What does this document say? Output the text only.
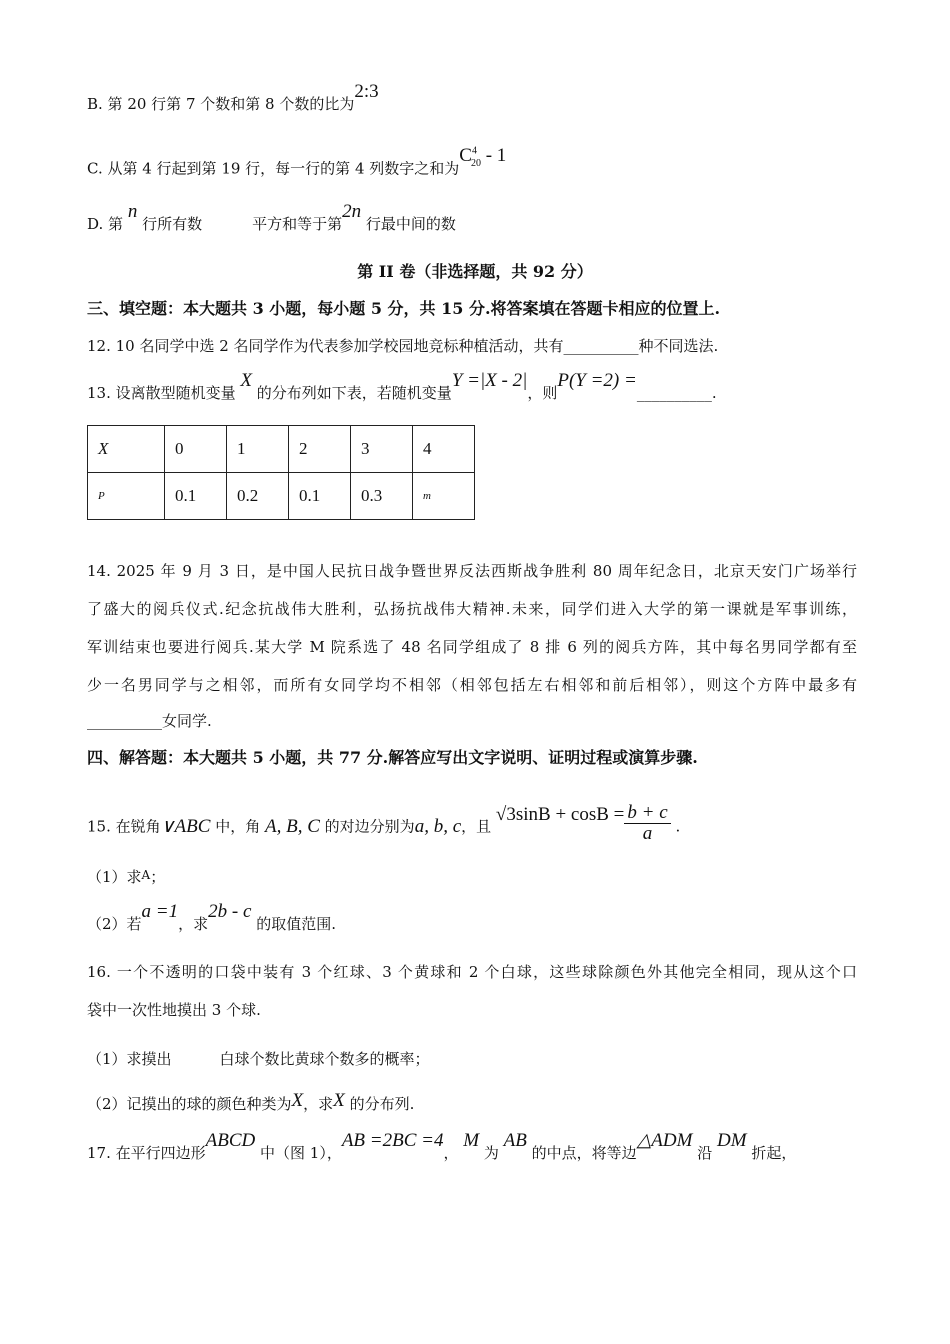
B. 第 20 行第 7 个数和第 8 个数的比为2:3
C. 从第 4 行起到第 19 行，每一行的第 4 列数字之和为$C^4_{20} - 1$
D. 第 n 行所有数	平方和等于第2n 行最中间的数
第 II 卷（非选择题，共 92 分）
三、填空题：本大题共 3 小题，每小题 5 分，共 15 分.将答案填在答题卡相应的位置上.
12. 10 名同学中选 2 名同学作为代表参加学校园地竞标种植活动，共有__________种不同选法.
13. 设离散型随机变量 X 的分布列如下表，若随机变量Y =|X - 2|，则P(Y =2) =__________.
X	0	1	2	3	4
P	0.1	0.2	0.1	0.3	m
14. 2025 年 9 月 3 日，是中国人民抗日战争暨世界反法西斯战争胜利 80 周年纪念日，北京天安门广场举行
了盛大的阅兵仪式.纪念抗战伟大胜利，弘扬抗战伟大精神.未来，同学们进入大学的第一课就是军事训练，
军训结束也要进行阅兵.某大学 M 院系选了 48 名同学组成了 8 排 6 列的阅兵方阵，其中每名男同学都有至
少一名男同学与之相邻，而所有女同学均不相邻（相邻包括左右相邻和前后相邻），则这个方阵中最多有
__________女同学.
四、解答题：本大题共 5 小题，共 77 分.解答应写出文字说明、证明过程或演算步骤.
15. 在锐角∨ABC 中，角 A, B, C 的对边分别为a, b, c，且 $√3\sin B + \cos B = \frac{b + c}{a}$ .
（1）求$^A$；
（2）若a =1，求2b - c 的取值范围.
16. 一个不透明的口袋中装有 3 个红球、3 个黄球和 2 个白球，这些球除颜色外其他完全相同，现从这个口
袋中一次性地摸出 3 个球.
（1）求摸出	白球个数比黄球个数多的概率；
（2）记摸出的球的颜色种类为X，求X 的分布列.
17. 在平行四边形ABCD 中（图 1），AB =2BC =4， M 为 AB 的中点，将等边△ADM 沿 DM 折起，
